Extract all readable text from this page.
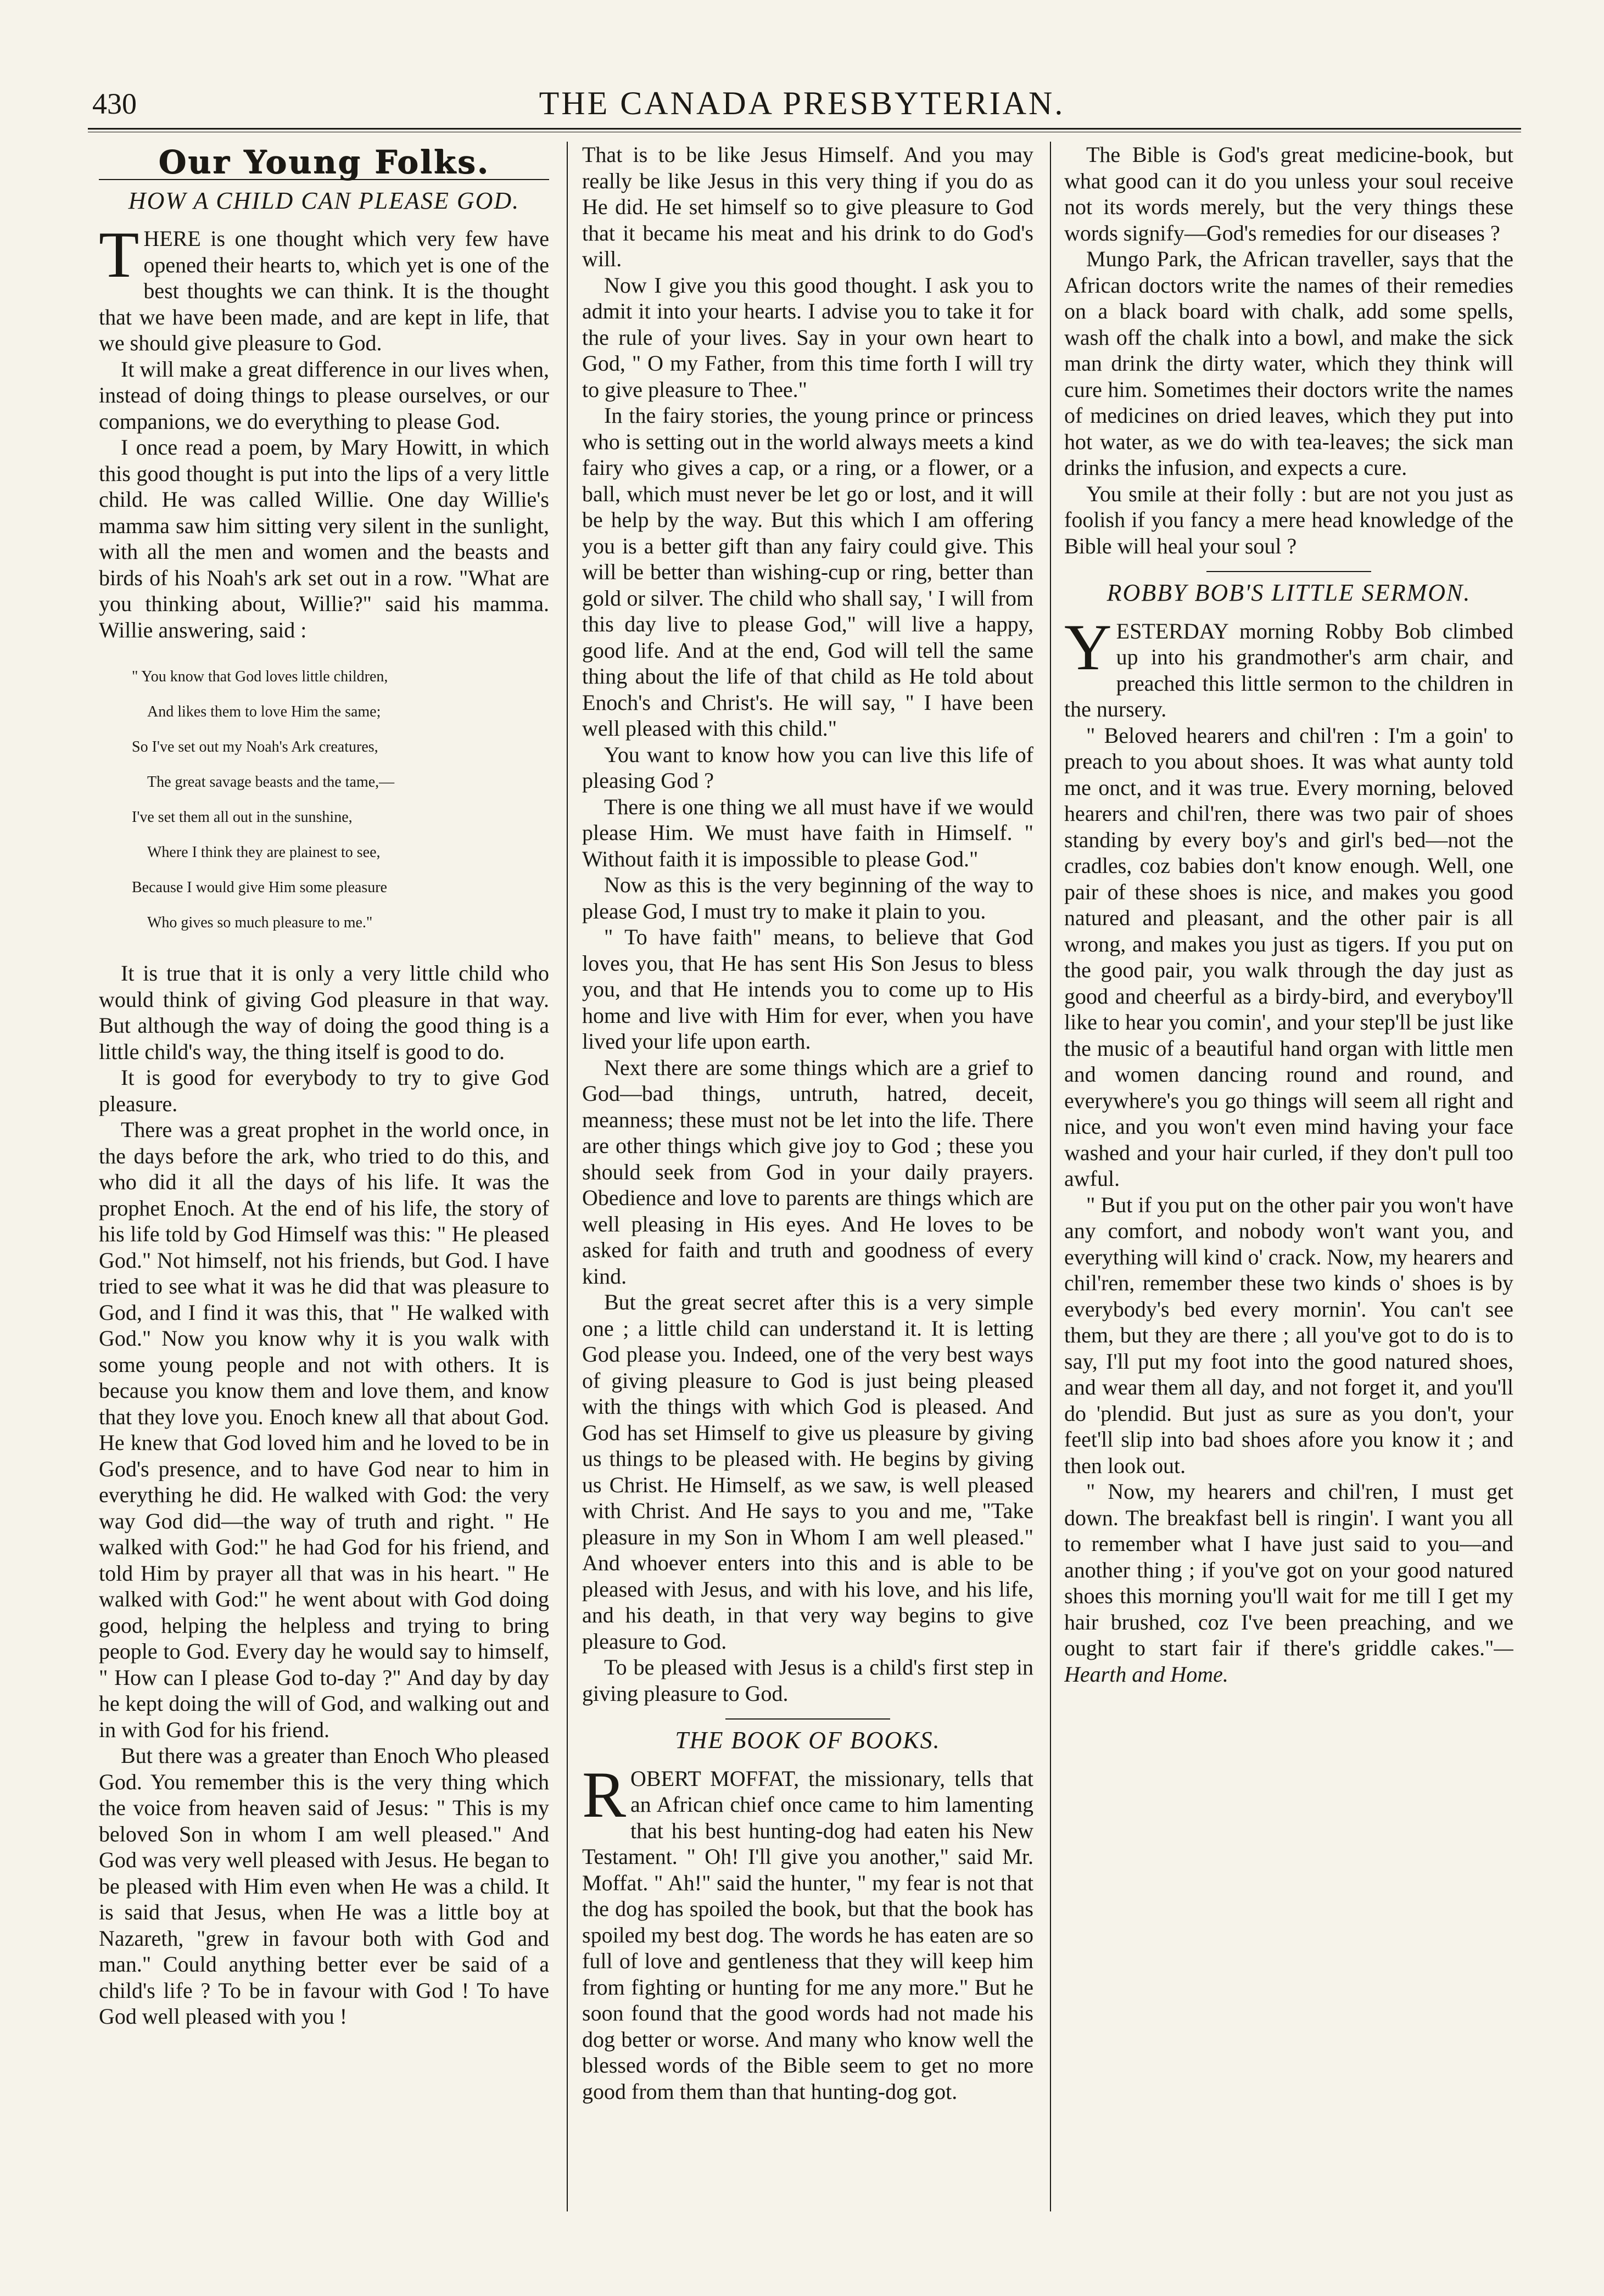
430	THE CANADA PRESBYTERIAN.
Our Young Folks.
HOW A CHILD CAN PLEASE GOD.

THERE is one thought which very few have opened their hearts to, which yet is one of the best thoughts we can think. It is the thought that we have been made, and are kept in life, that we should give pleasure to God.

It will make a great difference in our lives when, instead of doing things to please ourselves, or our companions, we do everything to please God.

I once read a poem, by Mary Howitt, in which this good thought is put into the lips of a very little child. He was called Willie. One day Willie's mamma saw him sitting very silent in the sunlight, with all the men and women and the beasts and birds of his Noah's ark set out in a row. "What are you thinking about, Willie?" said his mamma. Willie answering, said :

" You know that God loves little children,

And likes them to love Him the same;

So I've set out my Noah's Ark creatures,

The great savage beasts and the tame,—

I've set them all out in the sunshine,

Where I think they are plainest to see,

Because I would give Him some pleasure

Who gives so much pleasure to me."

It is true that it is only a very little child who would think of giving God pleasure in that way. But although the way of doing the good thing is a little child's way, the thing itself is good to do.

It is good for everybody to try to give God pleasure.

There was a great prophet in the world once, in the days before the ark, who tried to do this, and who did it all the days of his life. It was the prophet Enoch. At the end of his life, the story of his life told by God Himself was this: " He pleased God." Not himself, not his friends, but God. I have tried to see what it was he did that was pleasure to God, and I find it was this, that " He walked with God." Now you know why it is you walk with some young people and not with others. It is because you know them and love them, and know that they love you. Enoch knew all that about God. He knew that God loved him and he loved to be in God's presence, and to have God near to him in everything he did. He walked with God: the very way God did—the way of truth and right. " He walked with God:" he had God for his friend, and told Him by prayer all that was in his heart. " He walked with God:" he went about with God doing good, helping the helpless and trying to bring people to God. Every day he would say to himself, " How can I please God to-day ?" And day by day he kept doing the will of God, and walking out and in with God for his friend.

But there was a greater than Enoch Who pleased God. You remember this is the very thing which the voice from heaven said of Jesus: " This is my beloved Son in whom I am well pleased." And God was very well pleased with Jesus. He began to be pleased with Him even when He was a child. It is said that Jesus, when He was a little boy at Nazareth, "grew in favour both with God and man." Could anything better ever be said of a child's life ? To be in favour with God ! To have God well pleased with you !

That is to be like Jesus Himself. And you may really be like Jesus in this very thing if you do as He did. He set himself so to give pleasure to God that it became his meat and his drink to do God's will.

Now I give you this good thought. I ask you to admit it into your hearts. I advise you to take it for the rule of your lives. Say in your own heart to God, " O my Father, from this time forth I will try to give pleasure to Thee."

In the fairy stories, the young prince or princess who is setting out in the world always meets a kind fairy who gives a cap, or a ring, or a flower, or a ball, which must never be let go or lost, and it will be help by the way. But this which I am offering you is a better gift than any fairy could give. This will be better than wishing-cup or ring, better than gold or silver. The child who shall say, ' I will from this day live to please God," will live a happy, good life. And at the end, God will tell the same thing about the life of that child as He told about Enoch's and Christ's. He will say, " I have been well pleased with this child."

You want to know how you can live this life of pleasing God ?

There is one thing we all must have if we would please Him. We must have faith in Himself. " Without faith it is impossible to please God."

Now as this is the very beginning of the way to please God, I must try to make it plain to you.

" To have faith" means, to believe that God loves you, that He has sent His Son Jesus to bless you, and that He intends you to come up to His home and live with Him for ever, when you have lived your life upon earth.

Next there are some things which are a grief to God—bad things, untruth, hatred, deceit, meanness; these must not be let into the life. There are other things which give joy to God ; these you should seek from God in your daily prayers. Obedience and love to parents are things which are well pleasing in His eyes. And He loves to be asked for faith and truth and goodness of every kind.

But the great secret after this is a very simple one ; a little child can understand it. It is letting God please you. Indeed, one of the very best ways of giving pleasure to God is just being pleased with the things with which God is pleased. And God has set Himself to give us pleasure by giving us things to be pleased with. He begins by giving us Christ. He Himself, as we saw, is well pleased with Christ. And He says to you and me, "Take pleasure in my Son in Whom I am well pleased." And whoever enters into this and is able to be pleased with Jesus, and with his love, and his life, and his death, in that very way begins to give pleasure to God.

To be pleased with Jesus is a child's first step in giving pleasure to God.

THE BOOK OF BOOKS.

ROBERT MOFFAT, the missionary, tells that an African chief once came to him lamenting that his best hunting-dog had eaten his New Testament. " Oh! I'll give you another," said Mr. Moffat. " Ah!" said the hunter, " my fear is not that the dog has spoiled the book, but that the book has spoiled my best dog. The words he has eaten are so full of love and gentleness that they will keep him from fighting or hunting for me any more." But he soon found that the good words had not made his dog better or worse. And many who know well the blessed words of the Bible seem to get no more good from them than that hunting-dog got.

The Bible is God's great medicine-book, but what good can it do you unless your soul receive not its words merely, but the very things these words signify—God's remedies for our diseases ?

Mungo Park, the African traveller, says that the African doctors write the names of their remedies on a black board with chalk, add some spells, wash off the chalk into a bowl, and make the sick man drink the dirty water, which they think will cure him. Sometimes their doctors write the names of medicines on dried leaves, which they put into hot water, as we do with tea-leaves; the sick man drinks the infusion, and expects a cure.

You smile at their folly : but are not you just as foolish if you fancy a mere head knowledge of the Bible will heal your soul ?

ROBBY BOB'S LITTLE SERMON.

YESTERDAY morning Robby Bob climbed up into his grandmother's arm chair, and preached this little sermon to the children in the nursery.

" Beloved hearers and chil'ren : I'm a goin' to preach to you about shoes. It was what aunty told me onct, and it was true. Every morning, beloved hearers and chil'ren, there was two pair of shoes standing by every boy's and girl's bed—not the cradles, coz babies don't know enough. Well, one pair of these shoes is nice, and makes you good natured and pleasant, and the other pair is all wrong, and makes you just as tigers. If you put on the good pair, you walk through the day just as good and cheerful as a birdy-bird, and everyboy'll like to hear you comin', and your step'll be just like the music of a beautiful hand organ with little men and women dancing round and round, and everywhere's you go things will seem all right and nice, and you won't even mind having your face washed and your hair curled, if they don't pull too awful.

" But if you put on the other pair you won't have any comfort, and nobody won't want you, and everything will kind o' crack. Now, my hearers and chil'ren, remember these two kinds o' shoes is by everybody's bed every mornin'. You can't see them, but they are there ; all you've got to do is to say, I'll put my foot into the good natured shoes, and wear them all day, and not forget it, and you'll do 'plendid. But just as sure as you don't, your feet'll slip into bad shoes afore you know it ; and then look out.

" Now, my hearers and chil'ren, I must get down. The breakfast bell is ringin'. I want you all to remember what I have just said to you—and another thing ; if you've got on your good natured shoes this morning you'll wait for me till I get my hair brushed, coz I've been preaching, and we ought to start fair if there's griddle cakes."—Hearth and Home.
